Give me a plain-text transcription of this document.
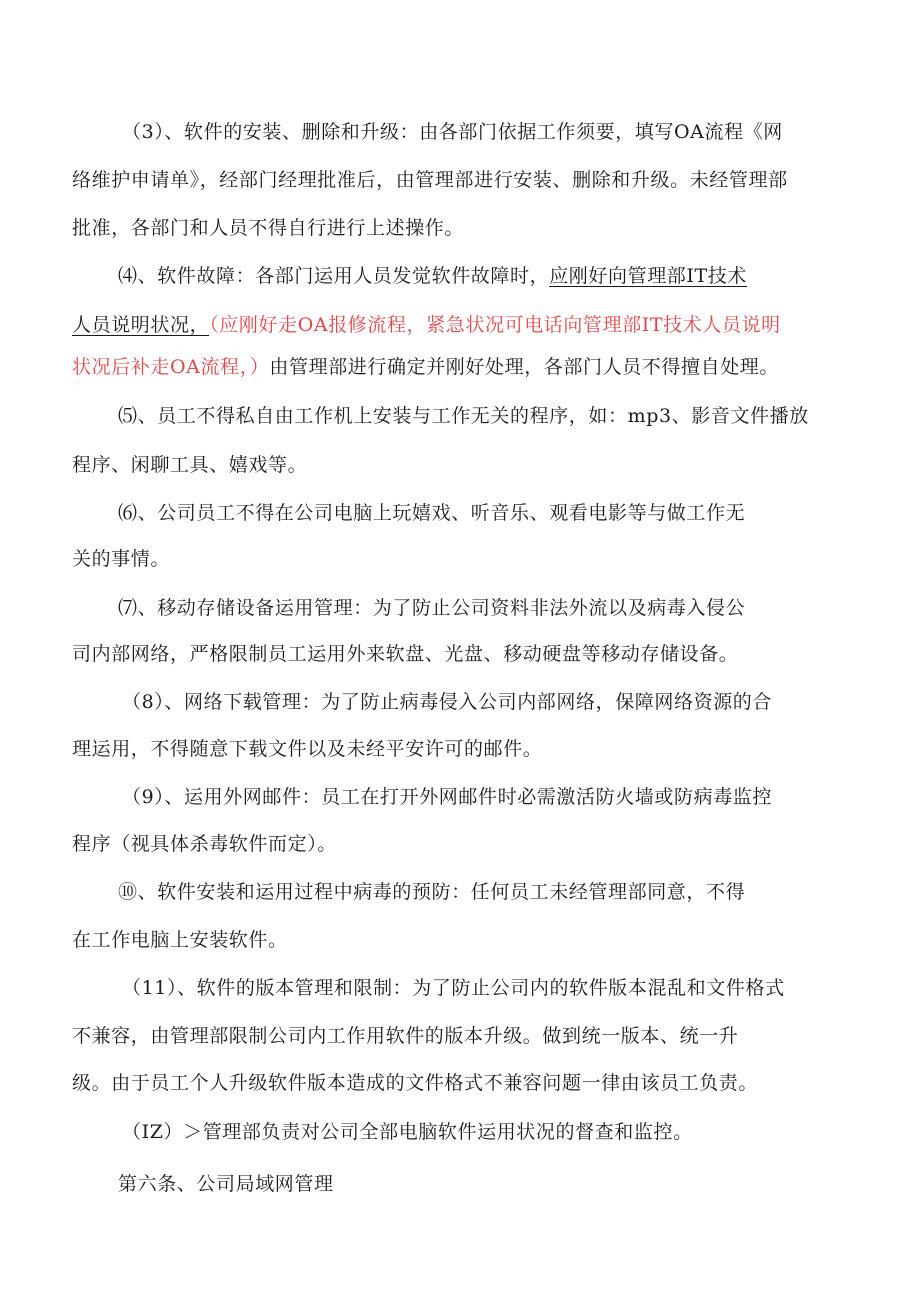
（3）、软件的安装、删除和升级：由各部门依据工作须要，填写OA流程《网
络维护申请单》，经部门经理批准后，由管理部进行安装、删除和升级。未经管理部
批准，各部门和人员不得自行进行上述操作。
⑷、软件故障：各部门运用人员发觉软件故障时，应刚好向管理部IT技术
人员说明状况，（应刚好走OA报修流程，紧急状况可电话向管理部IT技术人员说明
状况后补走OA流程，）由管理部进行确定并刚好处理，各部门人员不得擅自处理。
⑸、员工不得私自由工作机上安装与工作无关的程序，如：mp3、影音文件播放
程序、闲聊工具、嬉戏等。
⑹、公司员工不得在公司电脑上玩嬉戏、听音乐、观看电影等与做工作无
关的事情。
⑺、移动存储设备运用管理：为了防止公司资料非法外流以及病毒入侵公
司内部网络，严格限制员工运用外来软盘、光盘、移动硬盘等移动存储设备。
（8）、网络下载管理：为了防止病毒侵入公司内部网络，保障网络资源的合
理运用，不得随意下载文件以及未经平安许可的邮件。
（9）、运用外网邮件：员工在打开外网邮件时必需激活防火墙或防病毒监控
程序（视具体杀毒软件而定）。
⑩、软件安装和运用过程中病毒的预防：任何员工未经管理部同意，不得
在工作电脑上安装软件。
（11）、软件的版本管理和限制：为了防止公司内的软件版本混乱和文件格式
不兼容，由管理部限制公司内工作用软件的版本升级。做到统一版本、统一升
级。由于员工个人升级软件版本造成的文件格式不兼容问题一律由该员工负责。
（IZ）＞管理部负责对公司全部电脑软件运用状况的督查和监控。
第六条、公司局域网管理
